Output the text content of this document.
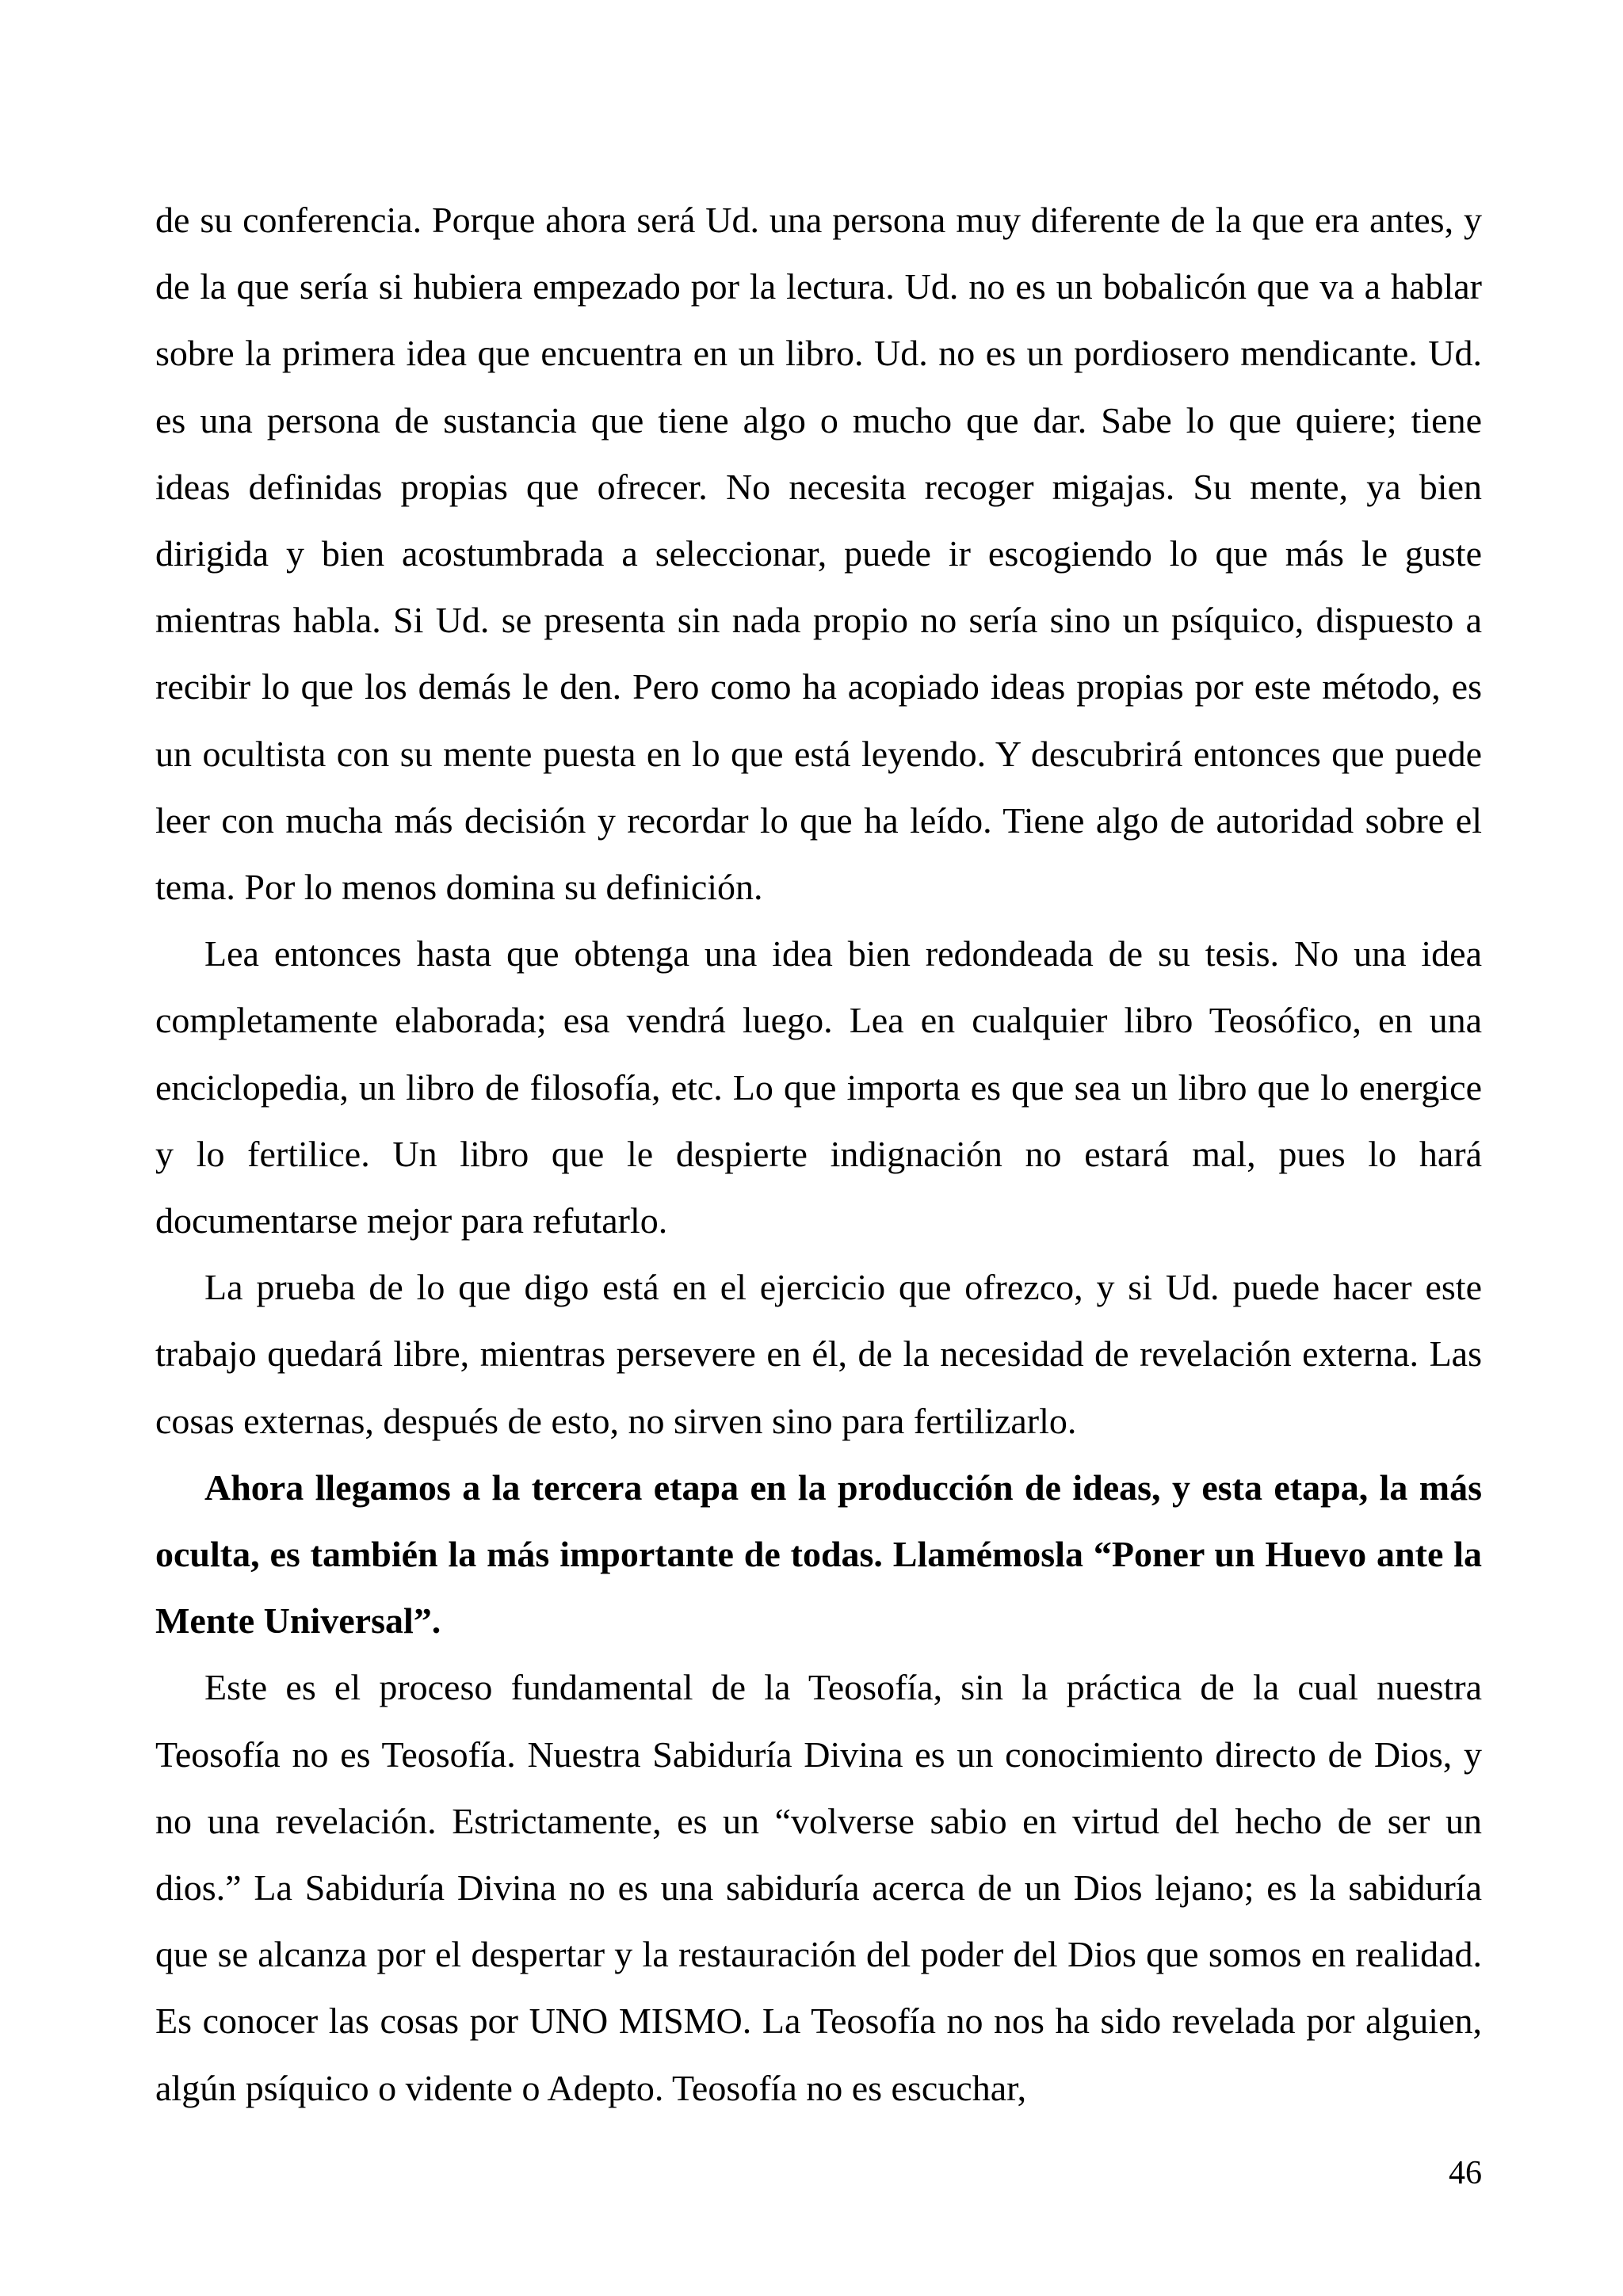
de su conferencia. Porque ahora será Ud. una persona muy diferente de la que era antes, y de la que sería si hubiera empezado por la lectura. Ud. no es un bobalicón que va a hablar sobre la primera idea que encuentra en un libro. Ud. no es un pordiosero mendicante. Ud. es una persona de sustancia que tiene algo o mucho que dar. Sabe lo que quiere; tiene ideas definidas propias que ofrecer. No necesita recoger migajas. Su mente, ya bien dirigida y bien acostumbrada a seleccionar, puede ir escogiendo lo que más le guste mientras habla. Si Ud. se presenta sin nada propio no sería sino un psíquico, dispuesto a recibir lo que los demás le den. Pero como ha acopiado ideas propias por este método, es un ocultista con su mente puesta en lo que está leyendo. Y descubrirá entonces que puede leer con mucha más decisión y recordar lo que ha leído. Tiene algo de autoridad sobre el tema. Por lo menos domina su definición.

Lea entonces hasta que obtenga una idea bien redondeada de su tesis. No una idea completamente elaborada; esa vendrá luego. Lea en cualquier libro Teosófico, en una enciclopedia, un libro de filosofía, etc. Lo que importa es que sea un libro que lo energice y lo fertilice. Un libro que le despierte indignación no estará mal, pues lo hará documentarse mejor para refutarlo.

La prueba de lo que digo está en el ejercicio que ofrezco, y si Ud. puede hacer este trabajo quedará libre, mientras persevere en él, de la necesidad de revelación externa. Las cosas externas, después de esto, no sirven sino para fertilizarlo.

Ahora llegamos a la tercera etapa en la producción de ideas, y esta etapa, la más oculta, es también la más importante de todas. Llamémosla “Poner un Huevo ante la Mente Universal”.

Este es el proceso fundamental de la Teosofía, sin la práctica de la cual nuestra Teosofía no es Teosofía. Nuestra Sabiduría Divina es un conocimiento directo de Dios, y no una revelación. Estrictamente, es un “volverse sabio en virtud del hecho de ser un dios.” La Sabiduría Divina no es una sabiduría acerca de un Dios lejano; es la sabiduría que se alcanza por el despertar y la restauración del poder del Dios que somos en realidad. Es conocer las cosas por UNO MISMO. La Teosofía no nos ha sido revelada por alguien, algún psíquico o vidente o Adepto. Teosofía no es escuchar,

46
